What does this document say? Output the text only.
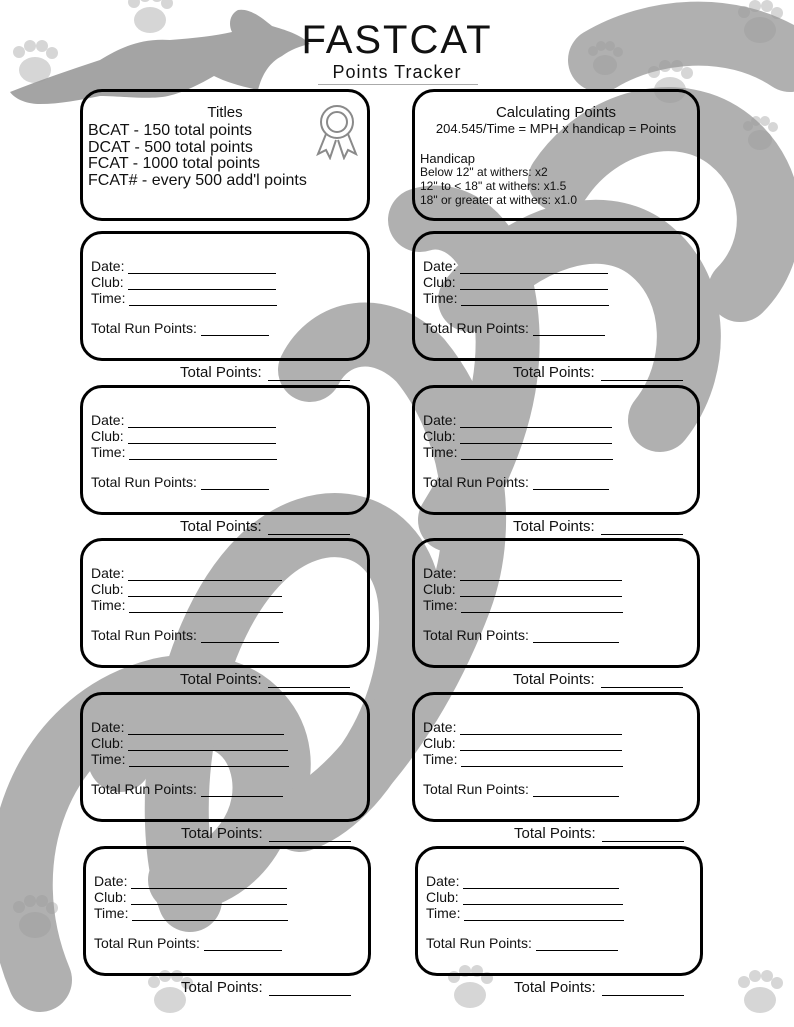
FASTCAT
Points Tracker
Titles
BCAT - 150 total points
DCAT - 500 total points
FCAT - 1000 total points
FCAT# - every 500 add'l points
Calculating Points
204.545/Time = MPH x handicap = Points
Handicap
Below 12" at withers: x2
12" to < 18" at withers: x1.5
18" or greater at withers: x1.0
Date:
Club:
Time:
Total Run Points:
Date:
Club:
Time:
Total Run Points:
Total Points:	Total Points:
Date:
Club:
Time:
Total Run Points:
Date:
Club:
Time:
Total Run Points:
Total Points:	Total Points:
Date:
Club:
Time:
Total Run Points:
Date:
Club:
Time:
Total Run Points:
Total Points:	Total Points:
Date:
Club:
Time:
Total Run Points:
Date:
Club:
Time:
Total Run Points:
Total Points:	Total Points:
Date:
Club:
Time:
Total Run Points:
Date:
Club:
Time:
Total Run Points:
Total Points:	Total Points:
